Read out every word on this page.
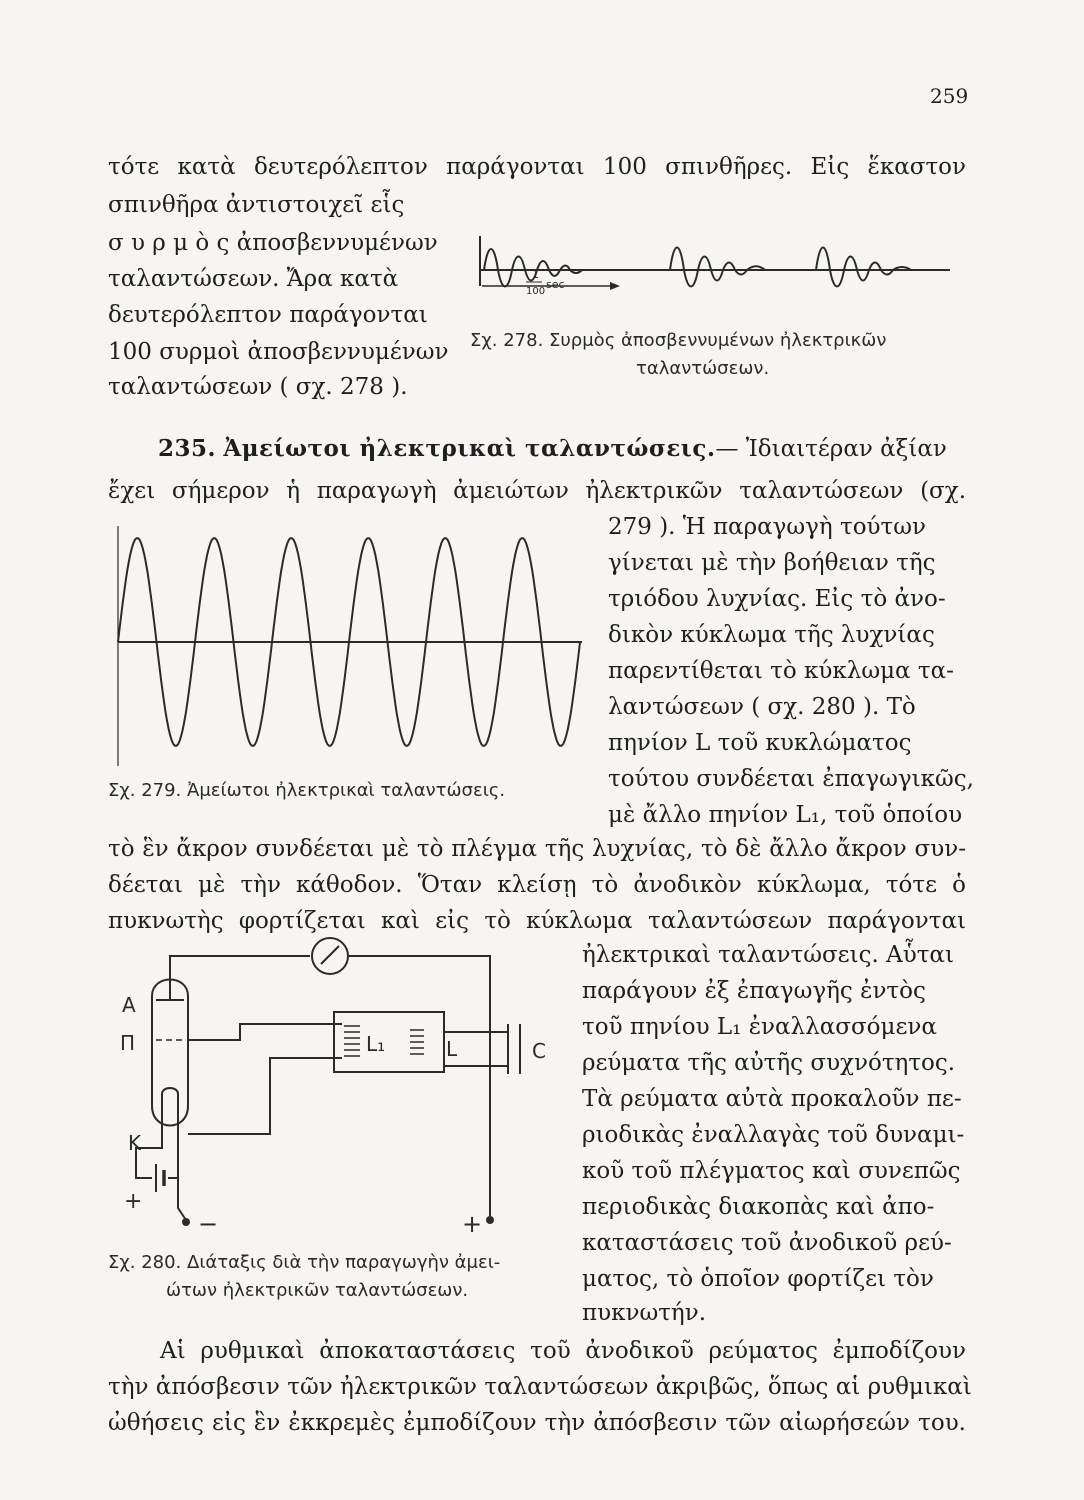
259
τότε κατὰ δευτερόλεπτον παράγονται 100 σπινθῆρες. Εἰς ἕκαστον
σπινθῆρα ἀντιστοιχεῖ εἷς
σ υ ρ μ ὸ ς ἀποσβεννυμένων
ταλαντώσεων. Ἄρα κατὰ
δευτερόλεπτον παράγονται
100 συρμοὶ ἀποσβεννυμένων
ταλαντώσεων ( σχ. 278 ).
1
100
sec
Σχ. 278. Συρμὸς ἀποσβεννυμένων ἠλεκτρικῶν
ταλαντώσεων.
235. Ἀμείωτοι ἠλεκτρικαὶ ταλαντώσεις.— Ἰδιαιτέραν ἀξίαν
ἔχει σήμερον ἡ παραγωγὴ ἀμειώτων ἠλεκτρικῶν ταλαντώσεων (σχ.
Σχ. 279. Ἀμείωτοι ἠλεκτρικαὶ ταλαντώσεις.
279 ). Ἡ παραγωγὴ τούτων
γίνεται μὲ τὴν βοήθειαν τῆς
τριόδου λυχνίας. Εἰς τὸ ἀνο-
δικὸν κύκλωμα τῆς λυχνίας
παρεντίθεται τὸ κύκλωμα τα-
λαντώσεων ( σχ. 280 ). Τὸ
πηνίον L τοῦ κυκλώματος
τούτου συνδέεται ἐπαγωγικῶς,
μὲ ἄλλο πηνίον L₁, τοῦ ὁποίου
τὸ ἓν ἄκρον συνδέεται μὲ τὸ πλέγμα τῆς λυχνίας, τὸ δὲ ἄλλο ἄκρον συν-
δέεται μὲ τὴν κάθοδον. Ὅταν κλείσῃ τὸ ἀνοδικὸν κύκλωμα, τότε ὁ
πυκνωτὴς φορτίζεται καὶ εἰς τὸ κύκλωμα ταλαντώσεων παράγονται
L₁	L	C
A
Π
K
+
−	+
Σχ. 280. Διάταξις διὰ τὴν παραγωγὴν ἀμει-
ώτων ἠλεκτρικῶν ταλαντώσεων.
ἠλεκτρικαὶ ταλαντώσεις. Αὗται
παράγουν ἐξ ἐπαγωγῆς ἐντὸς
τοῦ πηνίου L₁ ἐναλλασσόμενα
ρεύματα τῆς αὐτῆς συχνότητος.
Τὰ ρεύματα αὐτὰ προκαλοῦν πε-
ριοδικὰς ἐναλλαγὰς τοῦ δυναμι-
κοῦ τοῦ πλέγματος καὶ συνεπῶς
περιοδικὰς διακοπὰς καὶ ἀπο-
καταστάσεις τοῦ ἀνοδικοῦ ρεύ-
ματος, τὸ ὁποῖον φορτίζει τὸν
πυκνωτήν.
Αἱ ρυθμικαὶ ἀποκαταστάσεις τοῦ ἀνοδικοῦ ρεύματος ἐμποδίζουν
τὴν ἀπόσβεσιν τῶν ἠλεκτρικῶν ταλαντώσεων ἀκριβῶς, ὅπως αἱ ρυθμικαὶ
ὠθήσεις εἰς ἓν ἐκκρεμὲς ἐμποδίζουν τὴν ἀπόσβεσιν τῶν αἰωρήσεών του.
